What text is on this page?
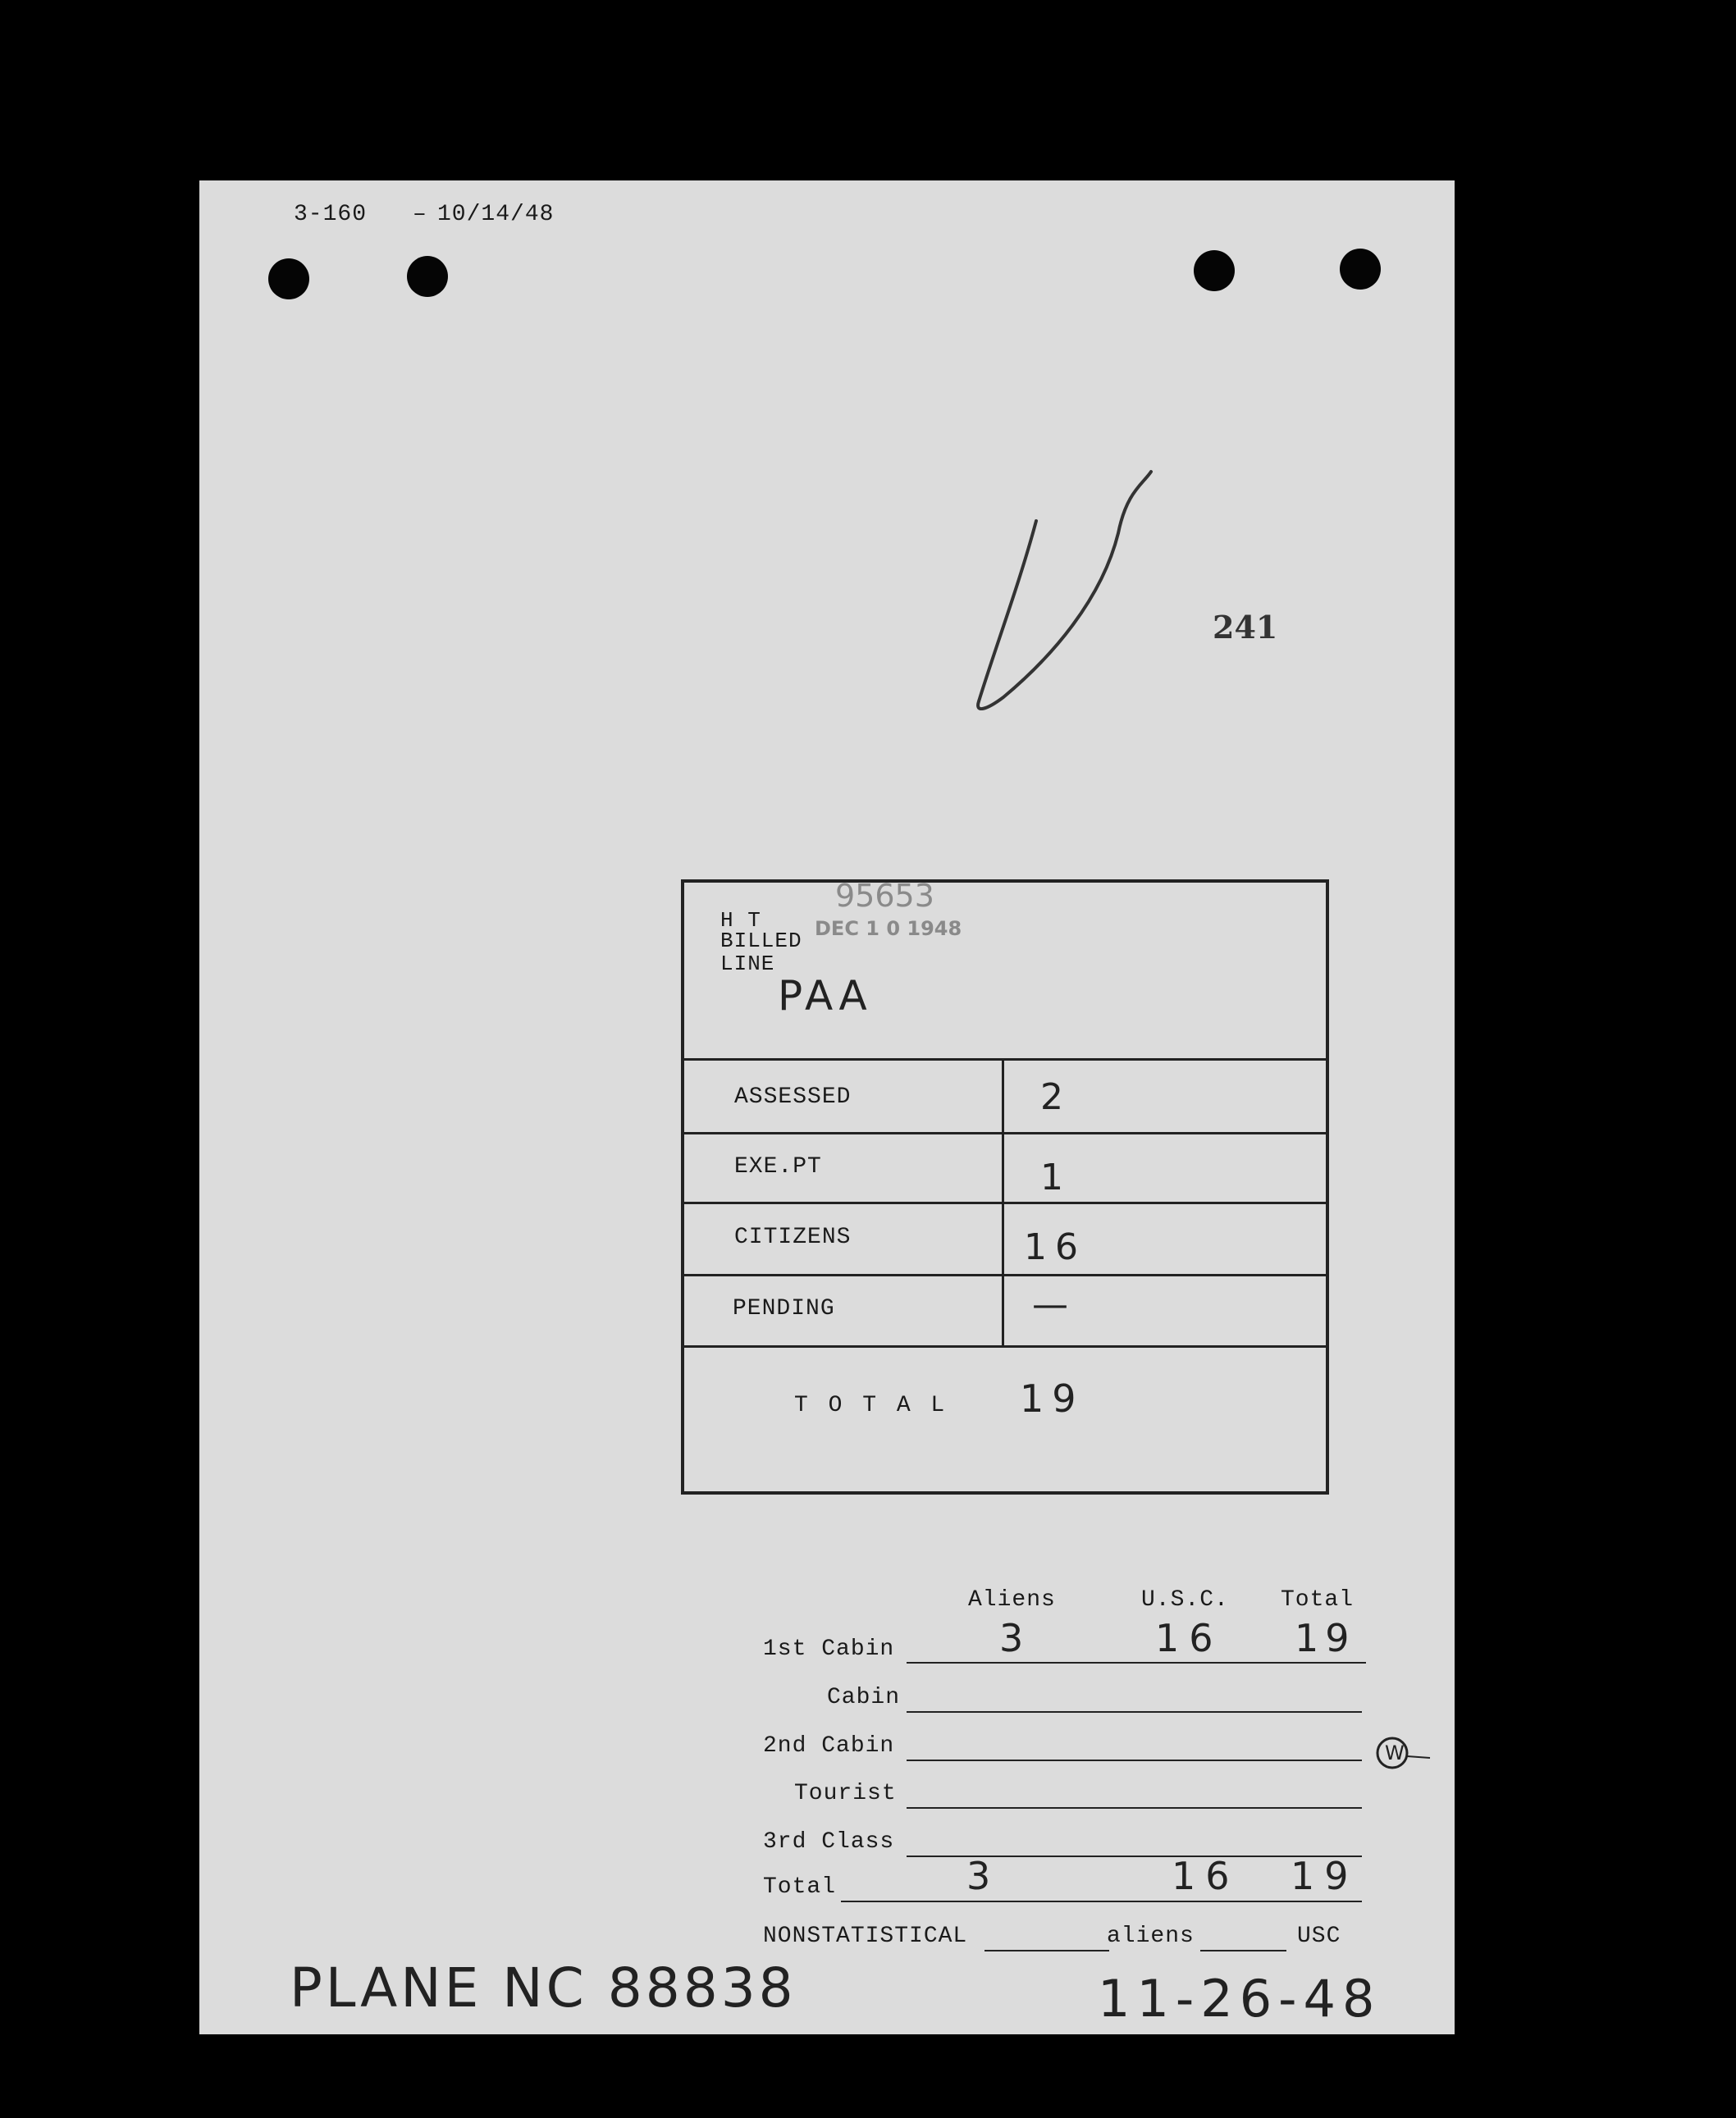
3-160	10/14/48
–
241
H T
BILLED
LINE
95653
DEC 1 0 1948
PAA
ASSESSED	2
EXE.PT	1
CITIZENS	16
PENDING	—
T O T A L 19
Aliens	U.S.C. Total
1st Cabin	3	16 19
Cabin
2nd Cabin	W
Tourist
3rd Class
Total	3	16 19
NONSTATISTICAL	aliens	USC
PLANE NC 88838	11-26-48
